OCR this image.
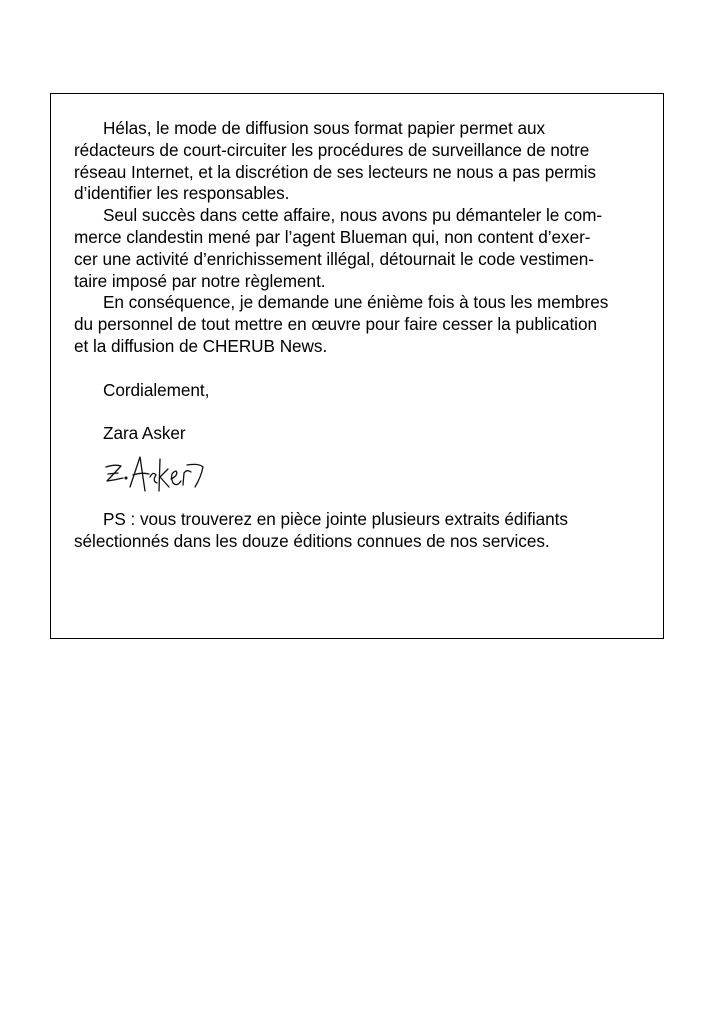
Hélas, le mode de diffusion sous format papier permet aux
rédacteurs de court-circuiter les procédures de surveillance de notre
réseau Internet, et la discrétion de ses lecteurs ne nous a pas permis
d’identifier les responsables.

Seul succès dans cette affaire, nous avons pu démanteler le com-
merce clandestin mené par l’agent Blueman qui, non content d’exer-
cer une activité d’enrichissement illégal, détournait le code vestimen-
taire imposé par notre règlement.

En conséquence, je demande une énième fois à tous les membres
du personnel de tout mettre en œuvre pour faire cesser la publication
et la diffusion de CHERUB News.

Cordialement,

Zara Asker

PS : vous trouverez en pièce jointe plusieurs extraits édifiants
sélectionnés dans les douze éditions connues de nos services.
